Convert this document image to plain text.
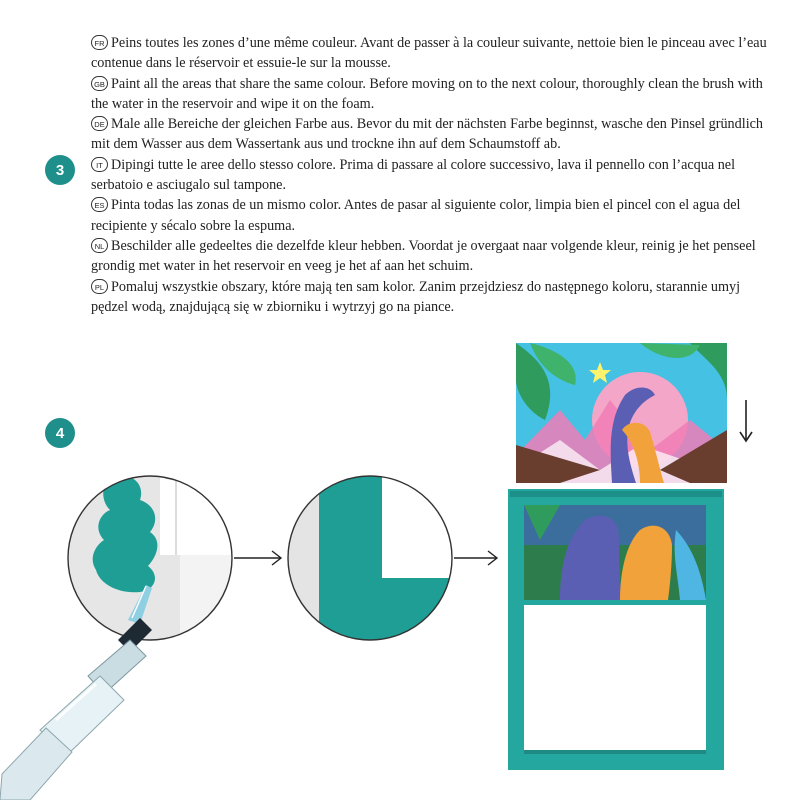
3
4

FR Peins toutes les zones d’une même couleur. Avant de passer à la couleur suivante, nettoie bien le pinceau avec l’eau contenue dans le réservoir et essuie-le sur la mousse.

GB Paint all the areas that share the same colour. Before moving on to the next colour, thoroughly clean the brush with the water in the reservoir and wipe it on the foam.

DE Male alle Bereiche der gleichen Farbe aus. Bevor du mit der nächsten Farbe beginnst, wasche den Pinsel gründlich mit dem Wasser aus dem Wassertank aus und trockne ihn auf dem Schaumstoff ab.

IT Dipingi tutte le aree dello stesso colore. Prima di passare al colore successivo, lava il pennello con l’acqua nel serbatoio e asciugalo sul tampone.

ES Pinta todas las zonas de un mismo color. Antes de pasar al siguiente color, limpia bien el pincel con el agua del recipiente y sécalo sobre la espuma.

NL Beschilder alle gedeeltes die dezelfde kleur hebben. Voordat je overgaat naar volgende kleur, reinig je het penseel grondig met water in het reservoir en veeg je het af aan het schuim.

PL Pomaluj wszystkie obszary, które mają ten sam kolor. Zanim przejdziesz do następnego koloru, starannie umyj pędzel wodą, znajdującą się w zbiorniku i wytrzyj go na piance.
